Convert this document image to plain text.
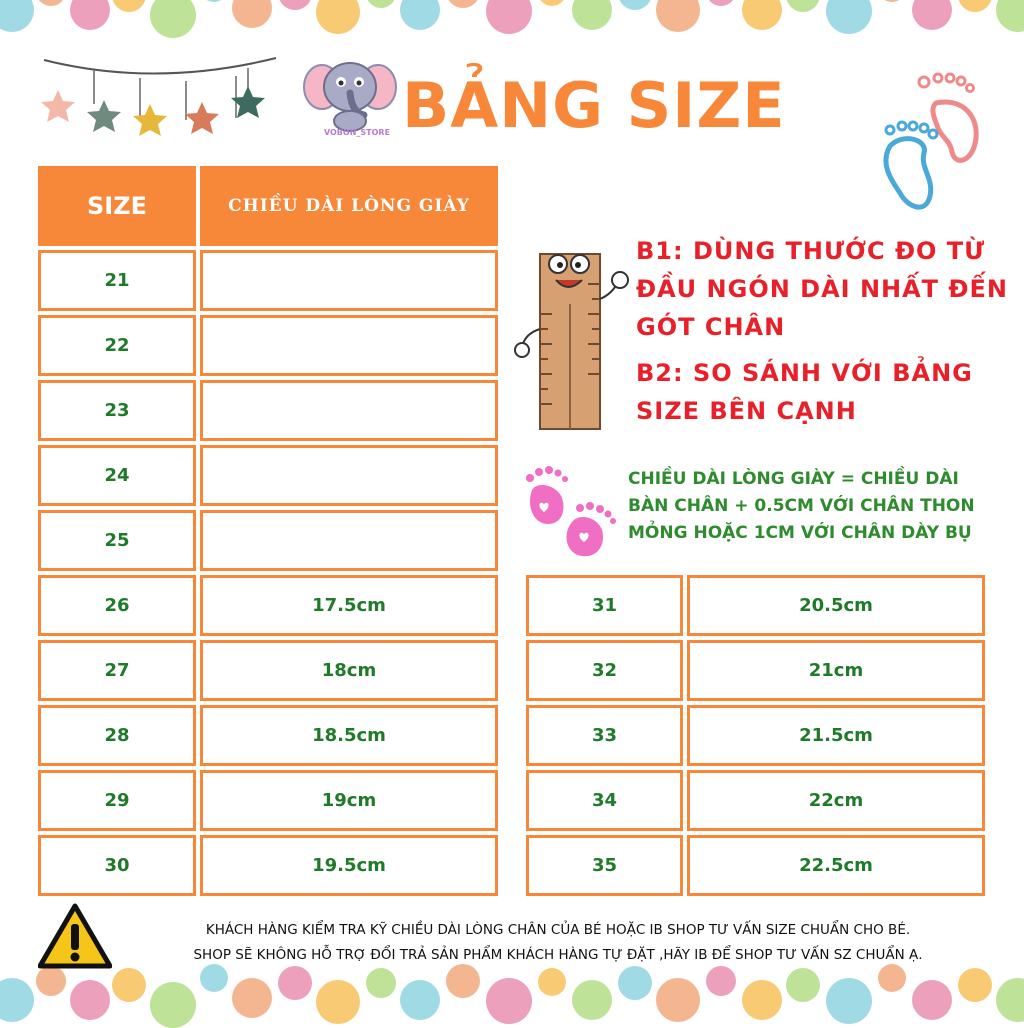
VOBON_STORE BẢNG SIZE
SIZE	CHIỀU DÀI LÒNG GIÀY
21
22
23
24
25
26	17.5cm
27	18cm
28	18.5cm
29	19cm
30	19.5cm
31	20.5cm
32	21cm
33	21.5cm
34	22cm
35	22.5cm
B1: DÙNG THƯỚC ĐO TỪ
ĐẦU NGÓN DÀI NHẤT ĐẾN
GÓT CHÂN
B2: SO SÁNH VỚI BẢNG
SIZE BÊN CẠNH
CHIỀU DÀI LÒNG GIÀY = CHIỀU DÀI
BÀN CHÂN + 0.5CM VỚI CHÂN THON
MỎNG HOẶC 1CM VỚI CHÂN DÀY BỤ
KHÁCH HÀNG KIỂM TRA KỸ CHIỀU DÀI LÒNG CHÂN CỦA BÉ HOẶC IB SHOP TƯ VẤN SIZE CHUẨN CHO BÉ.
SHOP SẼ KHÔNG HỖ TRỢ ĐỔI TRẢ SẢN PHẨM KHÁCH HÀNG TỰ ĐẶT ,HÃY IB ĐỂ SHOP TƯ VẤN SZ CHUẨN Ạ.
